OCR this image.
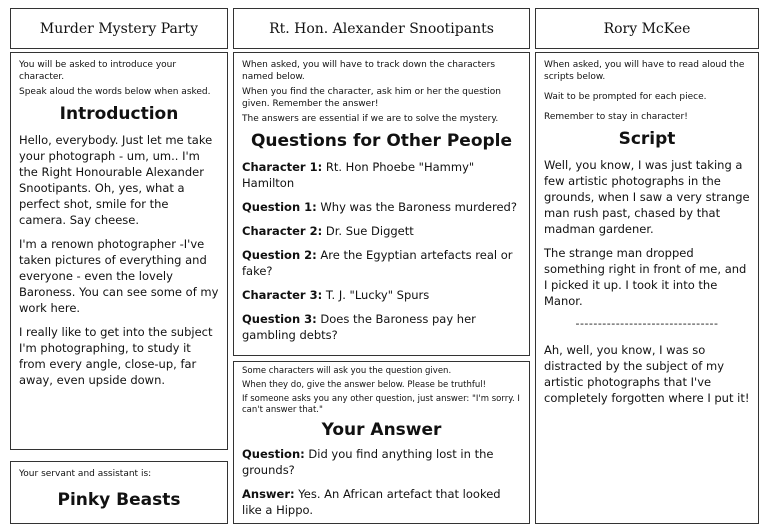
Murder Mystery Party	Rt. Hon. Alexander Snootipants	Rory McKee

You will be asked to introduce your character.

Speak aloud the words below when asked.

Introduction

Hello, everybody. Just let me take your photograph - um, um.. I'm the Right Honourable Alexander Snootipants. Oh, yes, what a perfect shot, smile for the camera. Say cheese.

I'm a renown photographer -I've taken pictures of everything and everyone - even the lovely Baroness. You can see some of my work here.

I really like to get into the subject I'm photographing, to study it from every angle, close-up, far away, even upside down.

Your servant and assistant is:

Pinky Beasts

When asked, you will have to track down the characters named below.

When you find the character, ask him or her the question given. Remember the answer!

The answers are essential if we are to solve the mystery.

Questions for Other People

Character 1: Rt. Hon Phoebe "Hammy" Hamilton

Question 1: Why was the Baroness murdered?

Character 2: Dr. Sue Diggett

Question 2: Are the Egyptian artefacts real or fake?

Character 3: T. J. "Lucky" Spurs

Question 3: Does the Baroness pay her gambling debts?

Some characters will ask you the question given.

When they do, give the answer below. Please be truthful!

If someone asks you any other question, just answer: "I'm sorry. I can't answer that."

Your Answer

Question: Did you find anything lost in the grounds?

Answer: Yes. An African artefact that looked like a Hippo.

When asked, you will have to read aloud the scripts below.

Wait to be prompted for each piece.

Remember to stay in character!

Script

Well, you know, I was just taking a few artistic photographs in the grounds, when I saw a very strange man rush past, chased by that madman gardener.

The strange man dropped something right in front of me, and I picked it up. I took it into the Manor.

--------------------------------

Ah, well, you know, I was so distracted by the subject of my artistic photographs that I've completely forgotten where I put it!
